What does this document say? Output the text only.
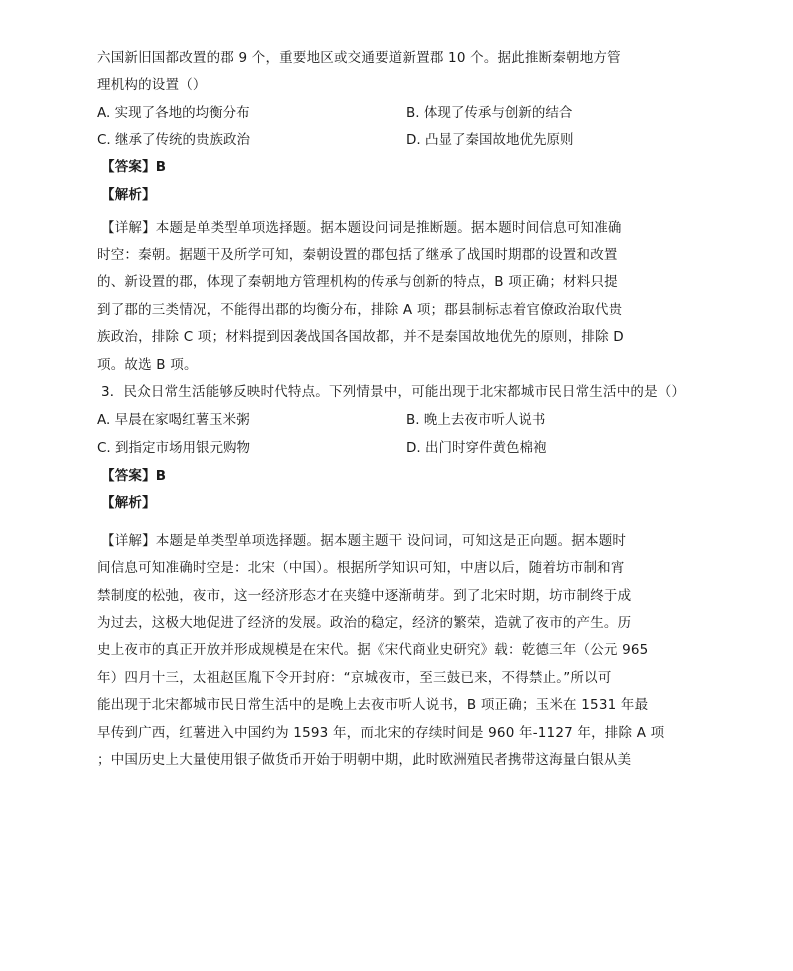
六国新旧国都改置的郡 9 个，重要地区或交通要道新置郡 10 个。据此推断秦朝地方管
理机构的设置（）
A. 实现了各地的均衡分布	B. 体现了传承与创新的结合
C. 继承了传统的贵族政治	D. 凸显了秦国故地优先原则
【答案】B
【解析】
【详解】本题是单类型单项选择题。据本题设问词是推断题。据本题时间信息可知准确
时空：秦朝。据题干及所学可知，秦朝设置的郡包括了继承了战国时期郡的设置和改置
的、新设置的郡，体现了秦朝地方管理机构的传承与创新的特点，B 项正确；材料只提
到了郡的三类情况，不能得出郡的均衡分布，排除 A 项；郡县制标志着官僚政治取代贵
族政治，排除 C 项；材料提到因袭战国各国故都，并不是秦国故地优先的原则，排除 D
项。故选 B 项。
3．民众日常生活能够反映时代特点。下列情景中，可能出现于北宋都城市民日常生活中的是（）
A. 早晨在家喝红薯玉米粥	B. 晚上去夜市听人说书
C. 到指定市场用银元购物	D. 出门时穿件黄色棉袍
【答案】B
【解析】
【详解】本题是单类型单项选择题。据本题主题干 设问词，可知这是正向题。据本题时
间信息可知准确时空是：北宋（中国）。根据所学知识可知，中唐以后，随着坊市制和宵
禁制度的松弛，夜市，这一经济形态才在夹缝中逐渐萌芽。到了北宋时期，坊市制终于成
为过去，这极大地促进了经济的发展。政治的稳定，经济的繁荣，造就了夜市的产生。历
史上夜市的真正开放并形成规模是在宋代。据《宋代商业史研究》载：乾德三年（公元 965
年）四月十三，太祖赵匡胤下令开封府：“京城夜市，至三鼓已来，不得禁止。”所以可
能出现于北宋都城市民日常生活中的是晚上去夜市听人说书，B 项正确；玉米在 1531 年最
早传到广西，红薯进入中国约为 1593 年，而北宋的存续时间是 960 年-1127 年，排除 A 项
；中国历史上大量使用银子做货币开始于明朝中期，此时欧洲殖民者携带这海量白银从美
